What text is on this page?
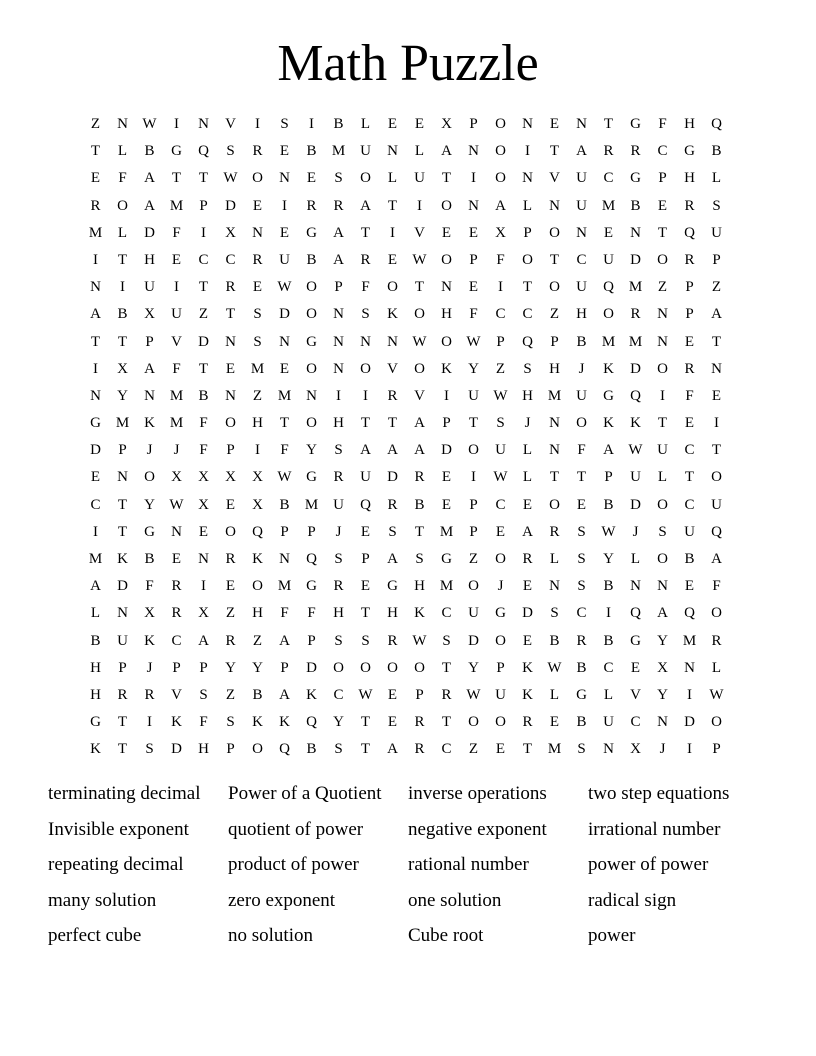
Math Puzzle
Z	N W	I	N	V	I	S	I	B	L	E	E	X	P	O	N	E	N	T	G	F	H	Q
T	L	B	G	Q	S	R	E	B	M U	N	L	A	N	O	I	T	A	R	R	C	G	B
E	F	A	T	T	W O	N	E	S	O	L	U	T	I	O	N	V	U	C	G	P	H	L
R	O	A M	P	D	E	I	R	R	A	T	I	O	N	A	L	N	U M	B	E	R	S
M	L	D	F	I	X	N	E	G	A	T	I	V	E	E	X	P	O	N	E	N	T	Q	U
I	T	H	E	C	C	R	U	B	A	R	E	W O	P	F	O	T	C	U	D	O	R	P
N	I	U	I	T	R	E	W O	P	F	O	T	N	E	I	T	O	U	Q M	Z	P	Z
A	B	X	U	Z	T	S	D	O	N	S	K	O	H	F	C	C	Z	H	O	R	N	P	A
T	T	P	V	D	N	S	N	G	N	N	N W O W	P	Q	P	B	M M N	E	T
I	X	A	F	T	E	M	E	O	N	O	V	O	K	Y	Z	S	H	J	K	D	O	R	N
N	Y	N M	B	N	Z	M N	I	I	R	V	I	U W H M U	G	Q	I	F	E
G M K M	F	O	H	T	O	H	T	T	A	P	T	S	J	N	O	K	K	T	E	I
D	P	J	J	F	P	I	F	Y	S	A	A	A	D	O	U	L	N	F	A W U	C	T
E	N	O	X	X	X	X W G	R	U	D	R	E	I	W	L	T	T	P	U	L	T	O
C	T	Y W X	E	X	B	M U	Q	R	B	E	P	C	E	O	E	B	D	O	C	U
I	T	G	N	E	O	Q	P	P	J	E	S	T	M	P	E	A	R	S	W	J	S	U	Q
M K	B	E	N	R	K	N	Q	S	P	A	S	G	Z	O	R	L	S	Y	L	O	B	A
A	D	F	R	I	E	O M G	R	E	G	H M O	J	E	N	S	B	N	N	E	F
L	N	X	R	X	Z	H	F	F	H	T	H	K	C	U	G	D	S	C	I	Q	A	Q	O
B	U	K	C	A	R	Z	A	P	S	S	R W	S	D	O	E	B	R	B	G	Y M	R
H	P	J	P	P	Y	Y	P	D	O	O	O	O	T	Y	P	K W B	C	E	X	N	L
H	R	R	V	S	Z	B	A	K	C W	E	P	R W U	K	L	G	L	V	Y	I	W
G	T	I	K	F	S	K	K	Q	Y	T	E	R	T	O	O	R	E	B	U	C	N	D	O
K	T	S	D	H	P	O	Q	B	S	T	A	R	C	Z	E	T	M	S	N	X	J	I	P
terminating decimal	Power of a Quotient	inverse operations	two step equations
Invisible exponent	quotient of power	negative exponent	irrational number
repeating decimal	product of power	rational number	power of power
many solution	zero exponent	one solution	radical sign
perfect cube	no solution	Cube root	power
